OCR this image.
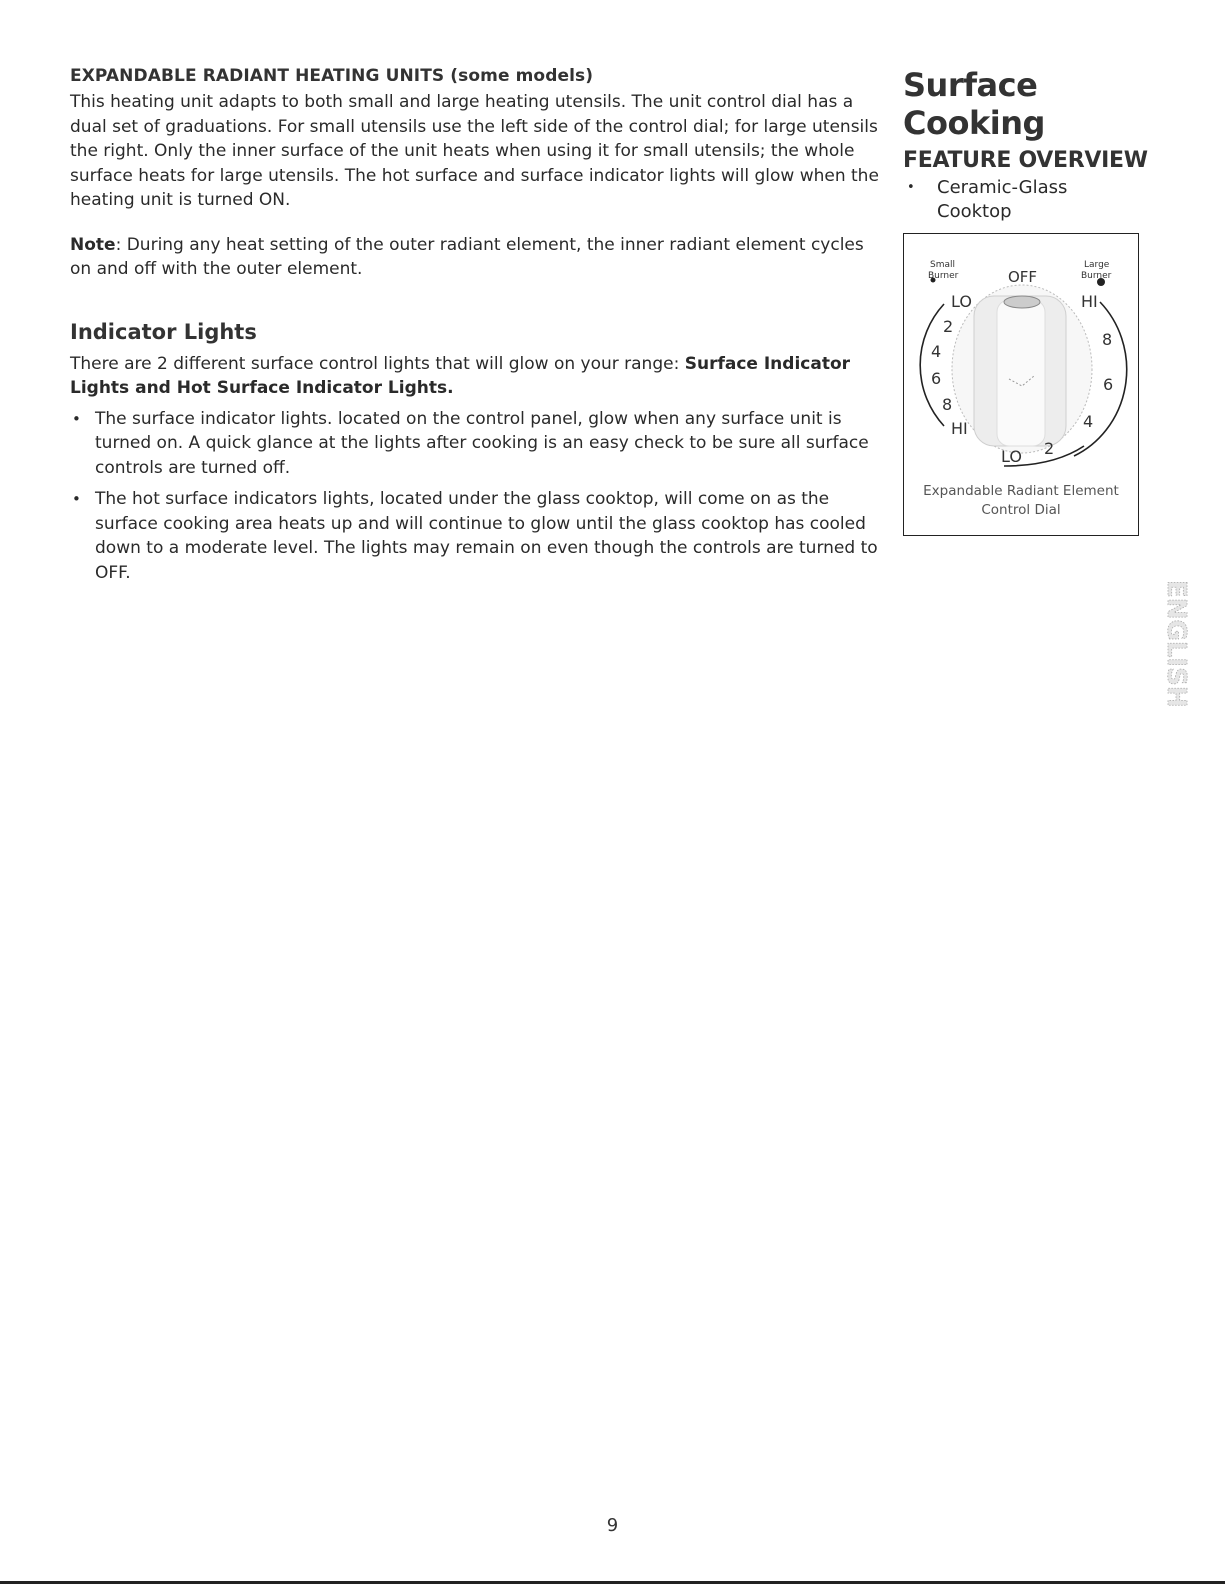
EXPANDABLE RADIANT HEATING UNITS (some models)

This heating unit adapts to both small and large heating utensils. The unit control dial has a dual set of graduations. For small utensils use the left side of the control dial; for large utensils the right. Only the inner surface of the unit heats when using it for small utensils; the whole surface heats for large utensils. The hot surface and surface indicator lights will glow when the heating unit is turned ON.

Note: During any heat setting of the outer radiant element, the inner radiant element cycles on and off with the outer element.

Indicator Lights

There are 2 different surface control lights that will glow on your range: Surface Indicator Lights and Hot Surface Indicator Lights.

• The surface indicator lights. located on the control panel, glow when any surface unit is turned on. A quick glance at the lights after cooking is an easy check to be sure all surface controls are turned off.
• The hot surface indicators lights, located under the glass cooktop, will come on as the surface cooking area heats up and will continue to glow until the glass cooktop has cooled down to a moderate level. The lights may remain on even though the controls are turned to OFF.
Surface
Cooking
FEATURE OVERVIEW
• Ceramic-Glass Cooktop
Small
Burner
Large
Burner
OFF
LO
2
4
6
8
HI
HI
8
6
4
2
LO
Expandable Radiant Element
Control Dial
ENGLISH
9
